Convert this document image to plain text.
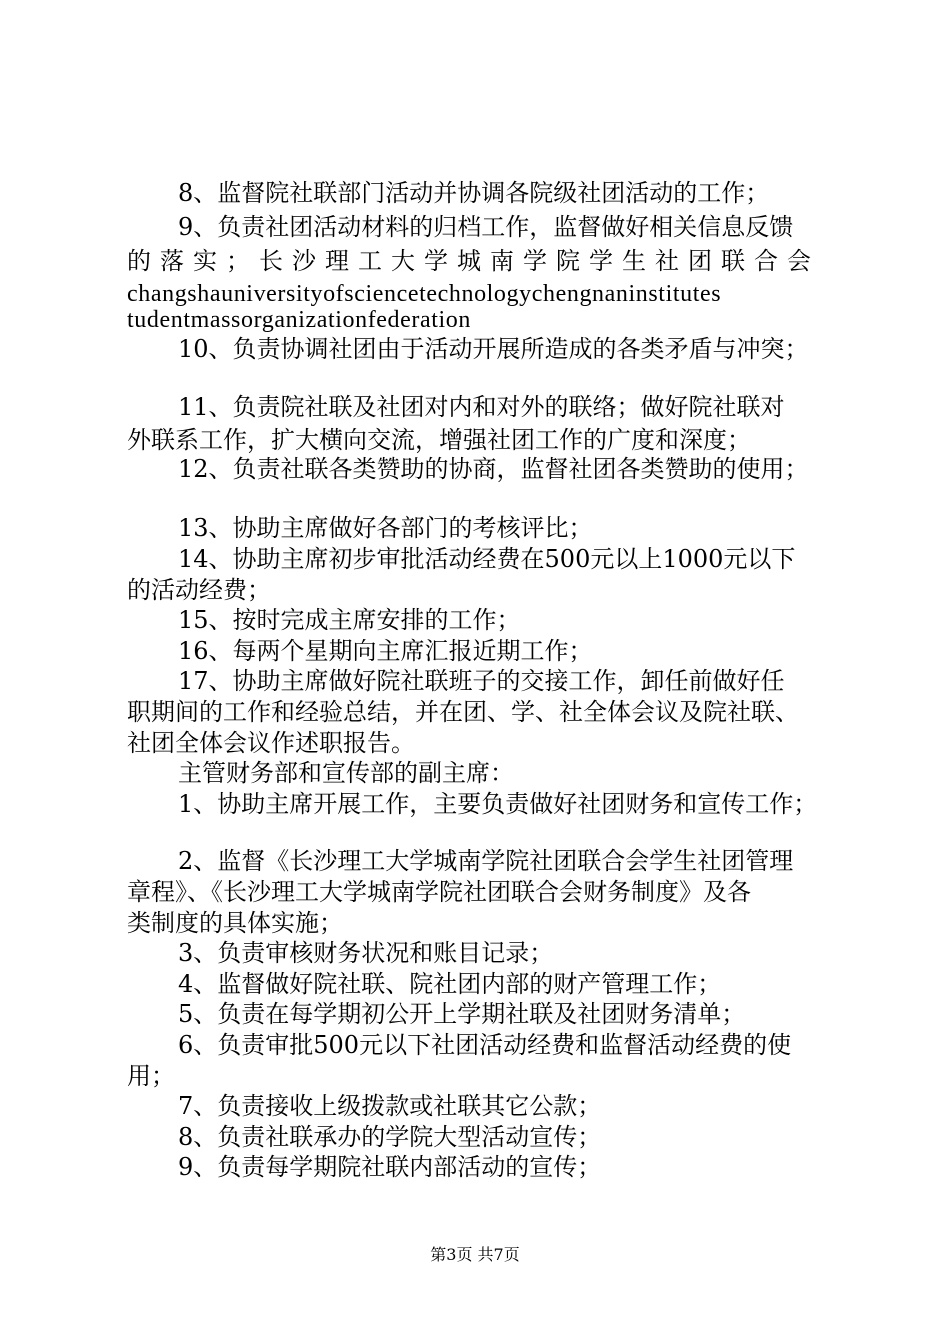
8、监督院社联部门活动并协调各院级社团活动的工作；
9、负责社团活动材料的归档工作，监督做好相关信息反馈
的落实；长沙理工大学城南学院学生社团联合会
changshauniversityofsciencetechnologychengnaninstitutes
tudentmassorganizationfederation
10、负责协调社团由于活动开展所造成的各类矛盾与冲突；
11、负责院社联及社团对内和对外的联络；做好院社联对
外联系工作，扩大横向交流，增强社团工作的广度和深度；
12、负责社联各类赞助的协商，监督社团各类赞助的使用；
13、协助主席做好各部门的考核评比；
14、协助主席初步审批活动经费在500元以上1000元以下
的活动经费；
15、按时完成主席安排的工作；
16、每两个星期向主席汇报近期工作；
17、协助主席做好院社联班子的交接工作，卸任前做好任
职期间的工作和经验总结，并在团、学、社全体会议及院社联、
社团全体会议作述职报告。
主管财务部和宣传部的副主席：
1、协助主席开展工作，主要负责做好社团财务和宣传工作；
2、监督《长沙理工大学城南学院社团联合会学生社团管理
章程》、《长沙理工大学城南学院社团联合会财务制度》及各
类制度的具体实施；
3、负责审核财务状况和账目记录；
4、监督做好院社联、院社团内部的财产管理工作；
5、负责在每学期初公开上学期社联及社团财务清单；
6、负责审批500元以下社团活动经费和监督活动经费的使
用；
7、负责接收上级拨款或社联其它公款；
8、负责社联承办的学院大型活动宣传；
9、负责每学期院社联内部活动的宣传；
第3页 共7页
